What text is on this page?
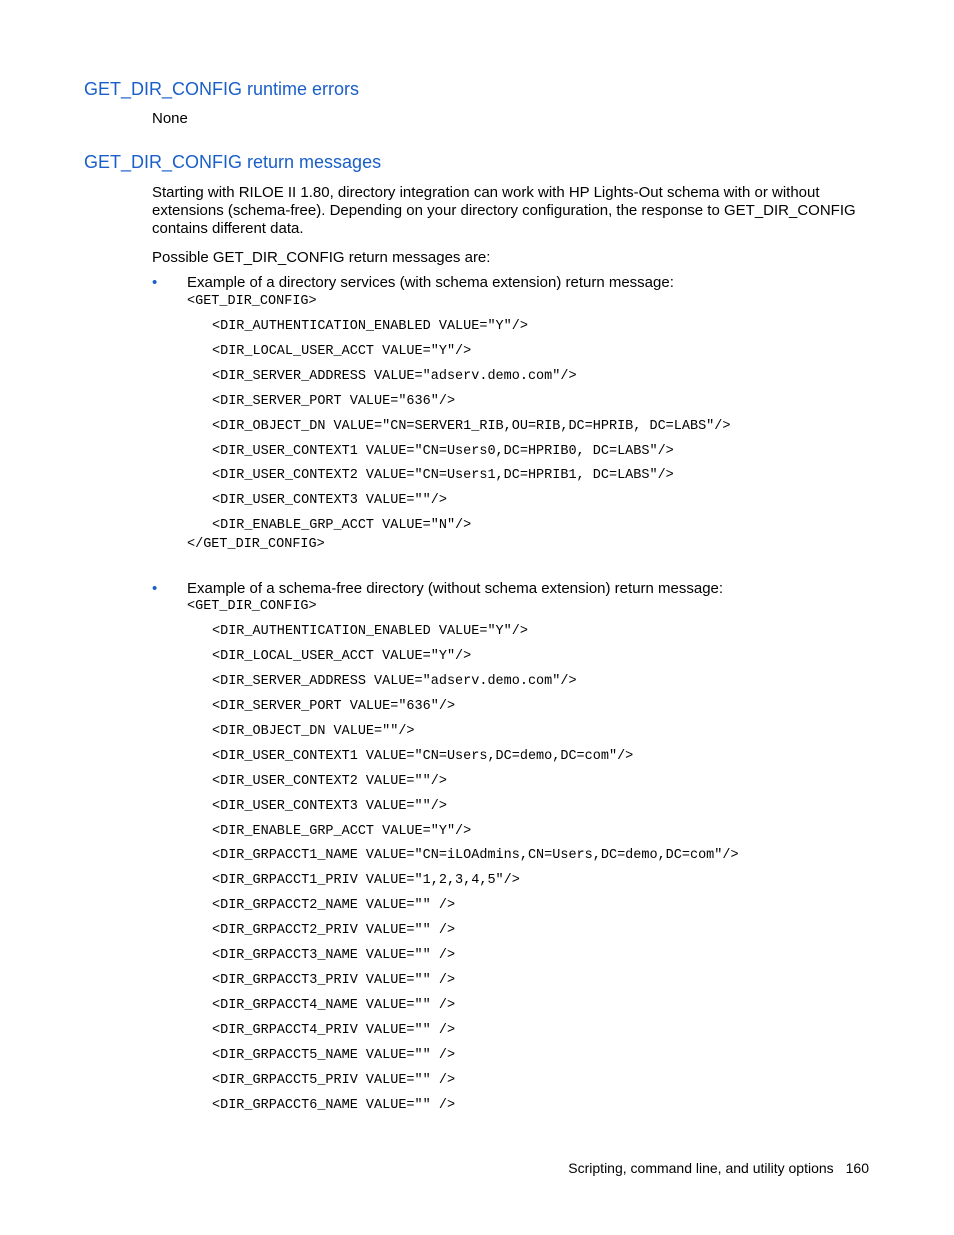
GET_DIR_CONFIG runtime errors

None

GET_DIR_CONFIG return messages

Starting with RILOE II 1.80, directory integration can work with HP Lights-Out schema with or without extensions (schema-free). Depending on your directory configuration, the response to GET_DIR_CONFIG contains different data.

Possible GET_DIR_CONFIG return messages are:

• Example of a directory services (with schema extension) return message:
<GET_DIR_CONFIG>
<DIR_AUTHENTICATION_ENABLED VALUE="Y"/>
<DIR_LOCAL_USER_ACCT VALUE="Y"/>
<DIR_SERVER_ADDRESS VALUE="adserv.demo.com"/>
<DIR_SERVER_PORT VALUE="636"/>
<DIR_OBJECT_DN VALUE="CN=SERVER1_RIB,OU=RIB,DC=HPRIB, DC=LABS"/>
<DIR_USER_CONTEXT1 VALUE="CN=Users0,DC=HPRIB0, DC=LABS"/>
<DIR_USER_CONTEXT2 VALUE="CN=Users1,DC=HPRIB1, DC=LABS"/>
<DIR_USER_CONTEXT3 VALUE=""/>
<DIR_ENABLE_GRP_ACCT VALUE="N"/>
</GET_DIR_CONFIG>
• Example of a schema-free directory (without schema extension) return message:
<GET_DIR_CONFIG>
<DIR_AUTHENTICATION_ENABLED VALUE="Y"/>
<DIR_LOCAL_USER_ACCT VALUE="Y"/>
<DIR_SERVER_ADDRESS VALUE="adserv.demo.com"/>
<DIR_SERVER_PORT VALUE="636"/>
<DIR_OBJECT_DN VALUE=""/>
<DIR_USER_CONTEXT1 VALUE="CN=Users,DC=demo,DC=com"/>
<DIR_USER_CONTEXT2 VALUE=""/>
<DIR_USER_CONTEXT3 VALUE=""/>
<DIR_ENABLE_GRP_ACCT VALUE="Y"/>
<DIR_GRPACCT1_NAME VALUE="CN=iLOAdmins,CN=Users,DC=demo,DC=com"/>
<DIR_GRPACCT1_PRIV VALUE="1,2,3,4,5"/>
<DIR_GRPACCT2_NAME VALUE="" />
<DIR_GRPACCT2_PRIV VALUE="" />
<DIR_GRPACCT3_NAME VALUE="" />
<DIR_GRPACCT3_PRIV VALUE="" />
<DIR_GRPACCT4_NAME VALUE="" />
<DIR_GRPACCT4_PRIV VALUE="" />
<DIR_GRPACCT5_NAME VALUE="" />
<DIR_GRPACCT5_PRIV VALUE="" />
<DIR_GRPACCT6_NAME VALUE="" />
Scripting, command line, and utility options 160
